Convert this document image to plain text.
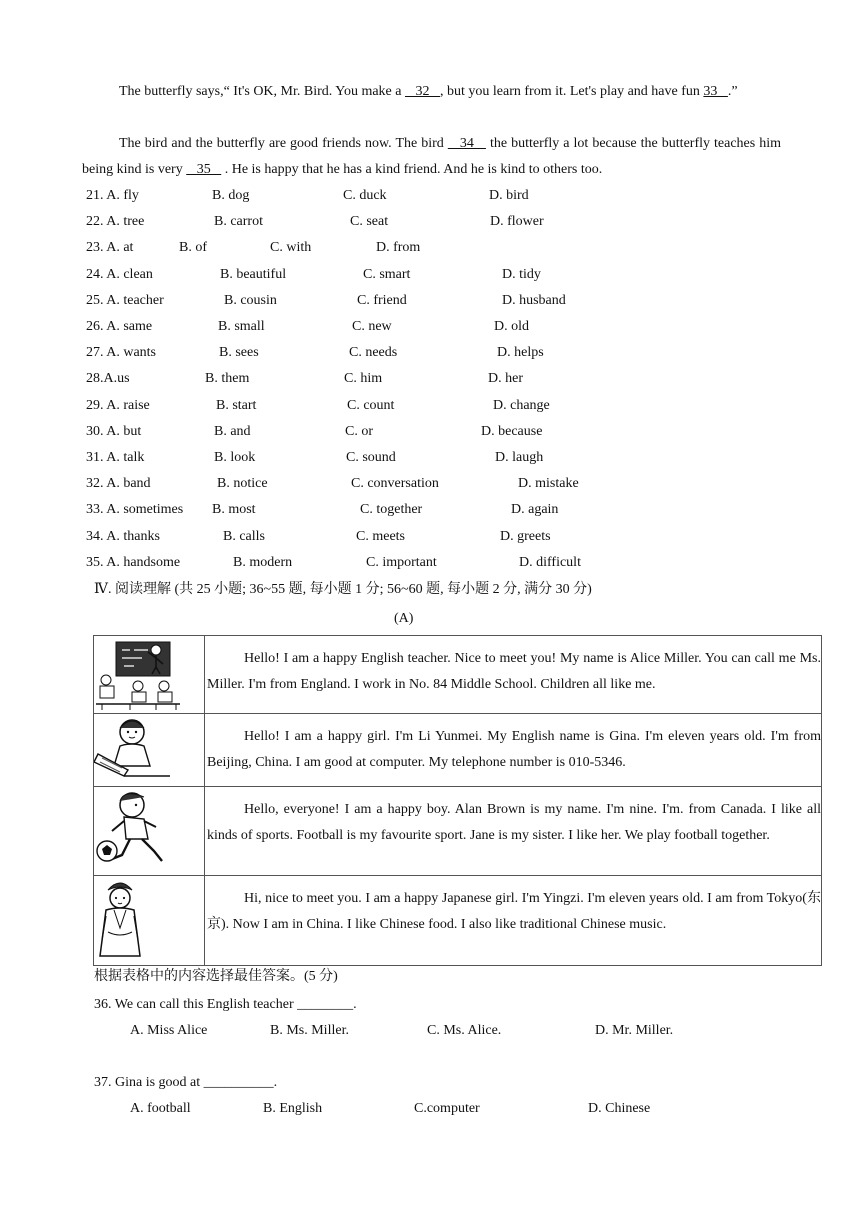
The butterfly says,“ It's OK, Mr. Bird. You make a    32   , but you learn from it. Let's play and have fun 33   .”

The bird and the butterfly are good friends now. The bird    34    the butterfly a lot because the butterfly teaches him being kind is very    35    . He is happy that he has a kind friend. And he is kind to others too.

21. A. fly	B. dog	C. duck	D. bird
22. A. tree	B. carrot	C. seat	D. flower
23. A. at	B. of	C. with	D. from
24. A. clean	B. beautiful	C. smart	D. tidy
25. A. teacher	B. cousin	C. friend	D. husband
26. A. same	B. small	C. new	D. old
27. A. wants	B. sees	C. needs	D. helps
28.A.us	B. them	C. him	D. her
29. A. raise	B. start	C. count	D. change
30. A. but	B. and	C. or	D. because
31. A. talk	B. look	C. sound	D. laugh
32. A. band	B. notice	C. conversation	D. mistake
33. A. sometimes B. most	C. together	D. again
34. A. thanks	B. calls	C. meets	D. greets
35. A. handsome	B. modern	C. important	D. difficult
Ⅳ. 阅读理解 (共 25 小题; 36~55 题, 每小题 1 分; 56~60 题, 每小题 2 分, 满分 30 分)
(A)
	Hello! I am a happy English teacher. Nice to meet you! My name is Alice Miller. You can call me Ms. Miller. I'm from England. I work in No. 84 Middle School. Children all like me.

	Hello! I am a happy girl. I'm Li Yunmei. My English name is Gina. I'm eleven years old. I'm from Beijing, China. I am good at computer. My telephone number is 010-5346.

	Hello, everyone! I am a happy boy. Alan Brown is my name. I'm nine. I'm. from Canada. I like all kinds of sports. Football is my favourite sport. Jane is my sister. I like her. We play football together.

	Hi, nice to meet you. I am a happy Japanese girl. I'm Yingzi. I'm eleven years old. I am from Tokyo(东京). Now I am in China. I like Chinese food. I also like traditional Chinese music.
根据表格中的内容选择最佳答案。(5 分)
36. We can call this English teacher ________.
A. Miss Alice	B. Ms. Miller.	C. Ms. Alice.	D. Mr. Miller.
37. Gina is good at __________.
A. football	B. English	C.computer	D. Chinese
